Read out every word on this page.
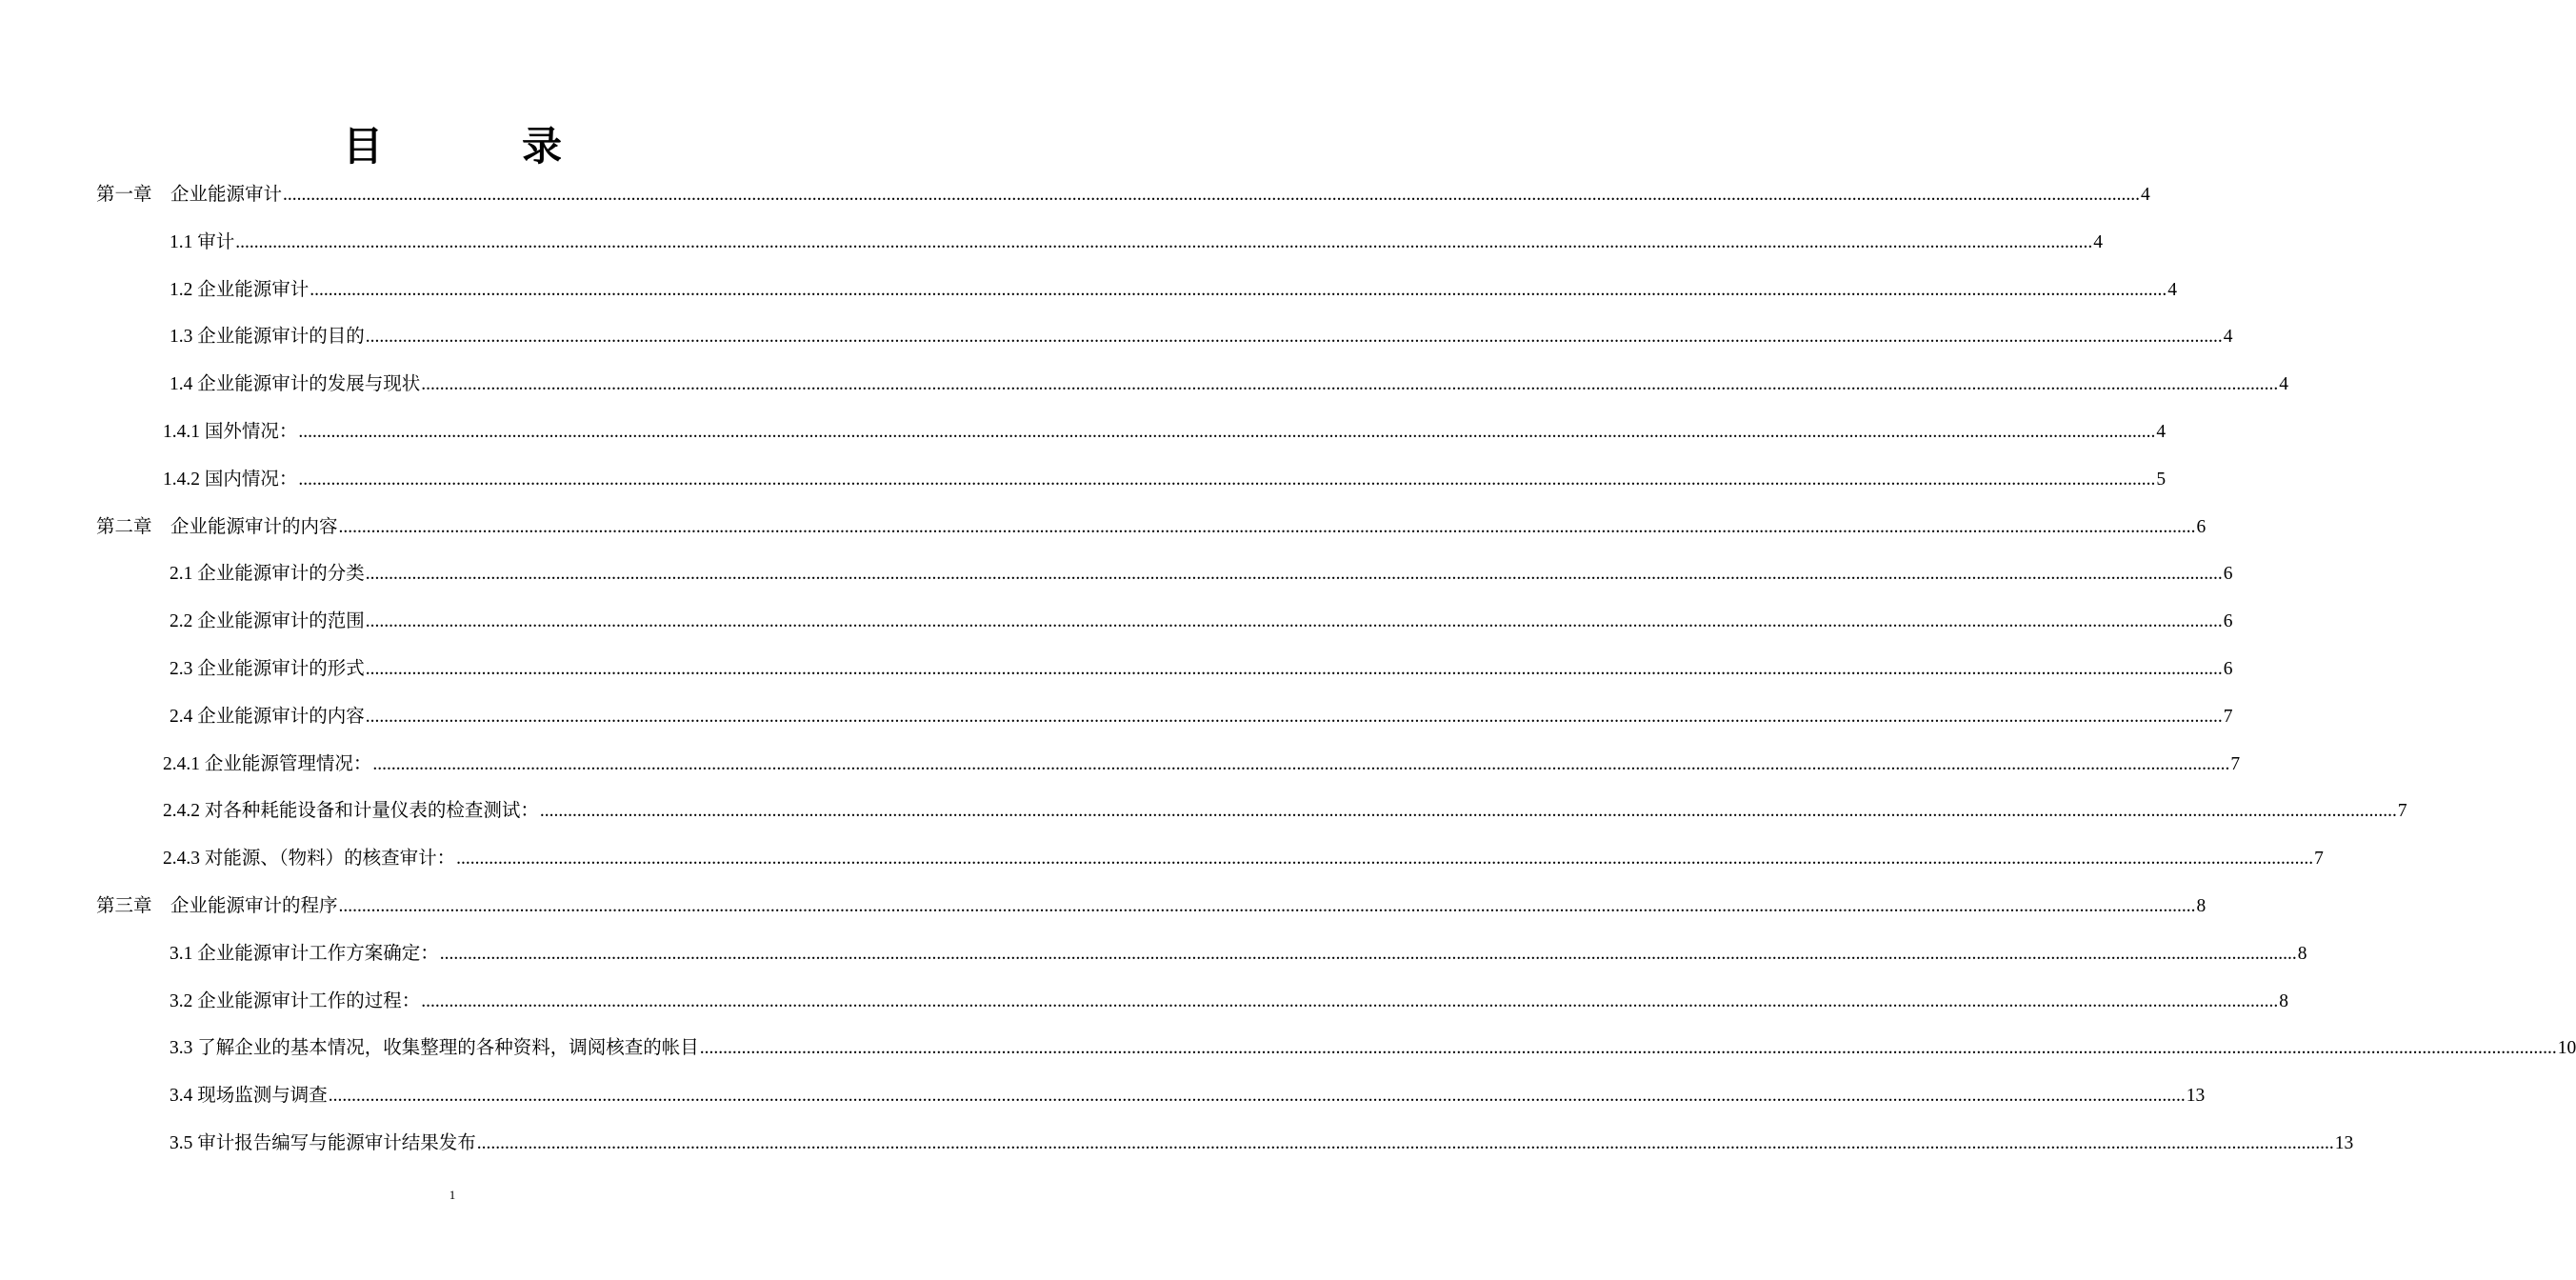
目　录
第一章　企业能源审计 ................................................................................................................................................................................................................................................................................................................................................................................................................ 4
1.1 审计 ................................................................................................................................................................................................................................................................................................................................................................................................................ 4
1.2 企业能源审计 ................................................................................................................................................................................................................................................................................................................................................................................................................ 4
1.3 企业能源审计的目的 ................................................................................................................................................................................................................................................................................................................................................................................................................ 4
1.4 企业能源审计的发展与现状 ................................................................................................................................................................................................................................................................................................................................................................................................................ 4
1.4.1 国外情况： ................................................................................................................................................................................................................................................................................................................................................................................................................ 4
1.4.2 国内情况： ................................................................................................................................................................................................................................................................................................................................................................................................................ 5
第二章　企业能源审计的内容 ................................................................................................................................................................................................................................................................................................................................................................................................................ 6
2.1 企业能源审计的分类 ................................................................................................................................................................................................................................................................................................................................................................................................................ 6
2.2 企业能源审计的范围 ................................................................................................................................................................................................................................................................................................................................................................................................................ 6
2.3 企业能源审计的形式 ................................................................................................................................................................................................................................................................................................................................................................................................................ 6
2.4 企业能源审计的内容 ................................................................................................................................................................................................................................................................................................................................................................................................................ 7
2.4.1 企业能源管理情况： ................................................................................................................................................................................................................................................................................................................................................................................................................ 7
2.4.2 对各种耗能设备和计量仪表的检查测试： ................................................................................................................................................................................................................................................................................................................................................................................................................ 7
2.4.3 对能源、（物料）的核查审计： ................................................................................................................................................................................................................................................................................................................................................................................................................ 7
第三章　企业能源审计的程序 ................................................................................................................................................................................................................................................................................................................................................................................................................ 8
3.1 企业能源审计工作方案确定： ................................................................................................................................................................................................................................................................................................................................................................................................................ 8
3.2 企业能源审计工作的过程： ................................................................................................................................................................................................................................................................................................................................................................................................................ 8
3.3 了解企业的基本情况，收集整理的各种资料，调阅核查的帐目 ................................................................................................................................................................................................................................................................................................................................................................................................................ 10
3.4 现场监测与调查 ................................................................................................................................................................................................................................................................................................................................................................................................................ 13
3.5 审计报告编写与能源审计结果发布 ................................................................................................................................................................................................................................................................................................................................................................................................................ 13
1
